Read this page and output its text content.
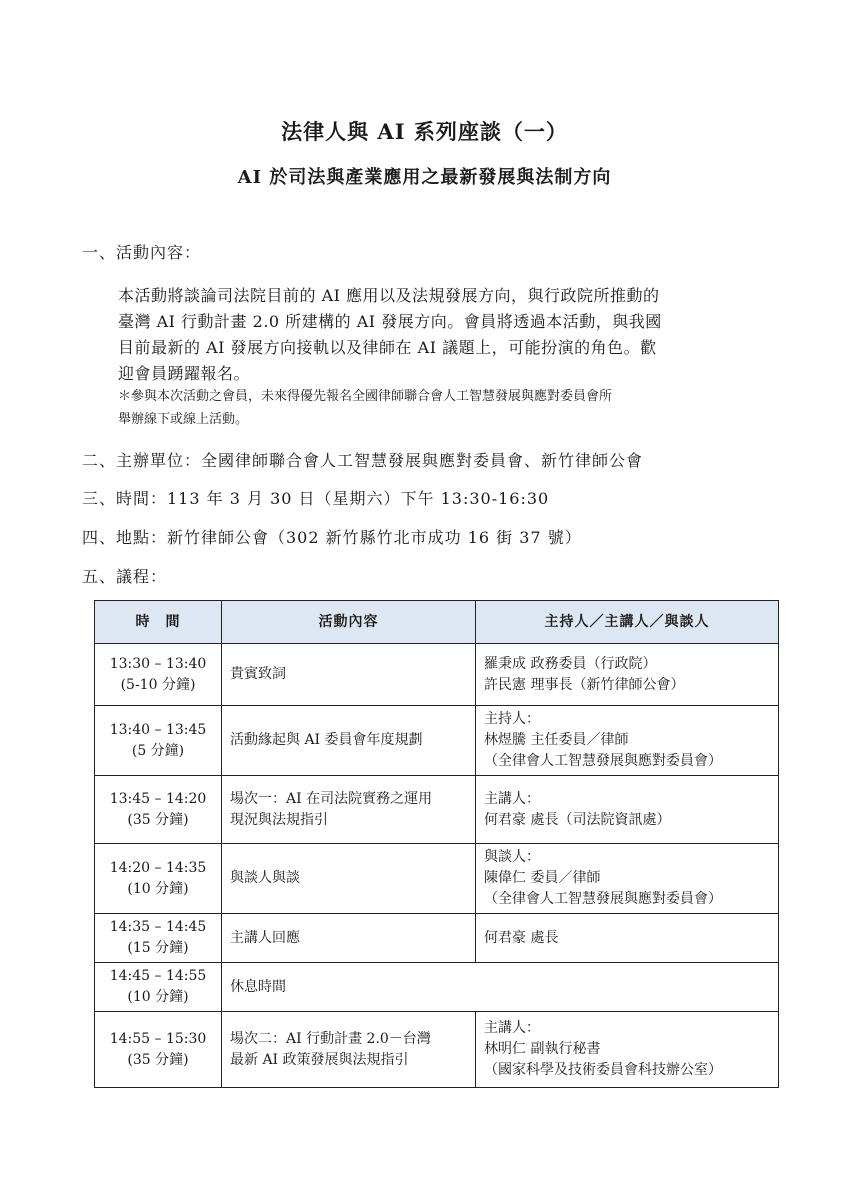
法律人與 AI 系列座談（一）
AI 於司法與產業應用之最新發展與法制方向
一、活動內容：
本活動將談論司法院目前的 AI 應用以及法規發展方向，與行政院所推動的
臺灣 AI 行動計畫 2.0 所建構的 AI 發展方向。會員將透過本活動，與我國
目前最新的 AI 發展方向接軌以及律師在 AI 議題上，可能扮演的角色。歡
迎會員踴躍報名。
＊參與本次活動之會員，未來得優先報名全國律師聯合會人工智慧發展與應對委員會所
舉辦線下或線上活動。
二、主辦單位：全國律師聯合會人工智慧發展與應對委員會、新竹律師公會
三、時間：113 年 3 月 30 日（星期六）下午 13:30-16:30
四、地點：新竹律師公會（302 新竹縣竹北市成功 16 街 37 號）
五、議程：
時　間	活動內容	主持人／主講人／與談人

13:30 – 13:40
(5-10 分鐘)	貴賓致詞	羅秉成 政務委員（行政院）
許民憲 理事長（新竹律師公會）

13:40 – 13:45
(5 分鐘)	活動緣起與 AI 委員會年度規劃	主持人：
林煜騰 主任委員／律師
（全律會人工智慧發展與應對委員會）

13:45 – 14:20
(35 分鐘)	場次一：AI 在司法院實務之運用
現況與法規指引	主講人：
何君豪 處長（司法院資訊處）

14:20 – 14:35
(10 分鐘)	與談人與談	與談人：
陳偉仁 委員／律師
（全律會人工智慧發展與應對委員會）

14:35 – 14:45
(15 分鐘)	主講人回應	何君豪 處長

14:45 – 14:55
(10 分鐘)	休息時間	

14:55 – 15:30
(35 分鐘)	場次二：AI 行動計畫 2.0－台灣
最新 AI 政策發展與法規指引	主講人：
林明仁 副執行秘書
（國家科學及技術委員會科技辦公室）
